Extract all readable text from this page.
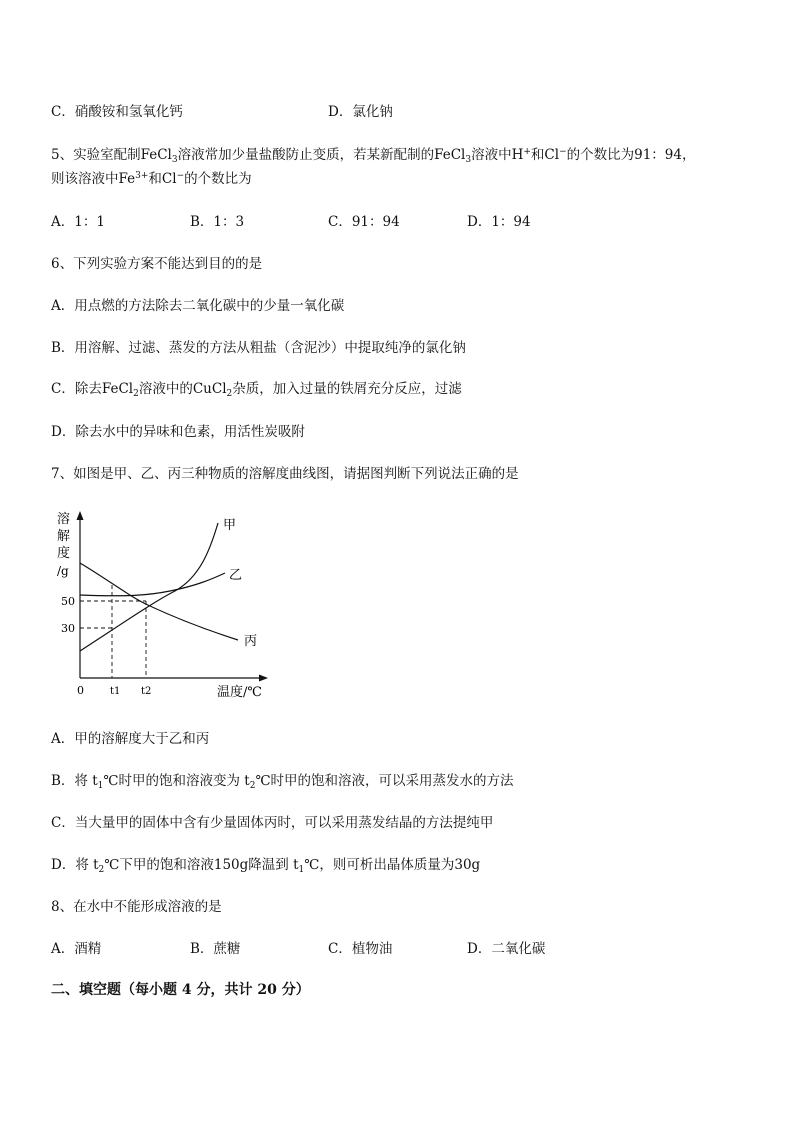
C．硝酸铵和氢氧化钙	D．氯化钠
5、实验室配制FeCl$_3$溶液常加少量盐酸防止变质，若某新配制的FeCl$_3$溶液中H+和Cl−的个数比为91：94，
则该溶液中$Fe^{3+}$和Cl−的个数比为
A．1：1	B．1：3	C．91：94	D．1：94
6、下列实验方案不能达到目的的是
A．用点燃的方法除去二氧化碳中的少量一氧化碳
B．用溶解、过滤、蒸发的方法从粗盐（含泥沙）中提取纯净的氯化钠
C．除去FeCl$_2$溶液中的CuCl$_2$杂质，加入过量的铁屑充分反应，过滤
D．除去水中的异味和色素，用活性炭吸附
7、如图是甲、乙、丙三种物质的溶解度曲线图，请据图判断下列说法正确的是
溶
解
度
/g
50
30
0	t1 t2	温度/℃
甲
乙
丙
A．甲的溶解度大于乙和丙
B．将 $t_1℃$时甲的饱和溶液变为 $t_2℃$时甲的饱和溶液，可以采用蒸发水的方法
C．当大量甲的固体中含有少量固体丙时，可以采用蒸发结晶的方法提纯甲
D．将 $t_2℃$下甲的饱和溶液150g降温到 $t_1℃$，则可析出晶体质量为30g
8、在水中不能形成溶液的是
A．酒精	B．蔗糖	C．植物油	D．二氧化碳
二、填空题（每小题 4 分，共计 20 分）
